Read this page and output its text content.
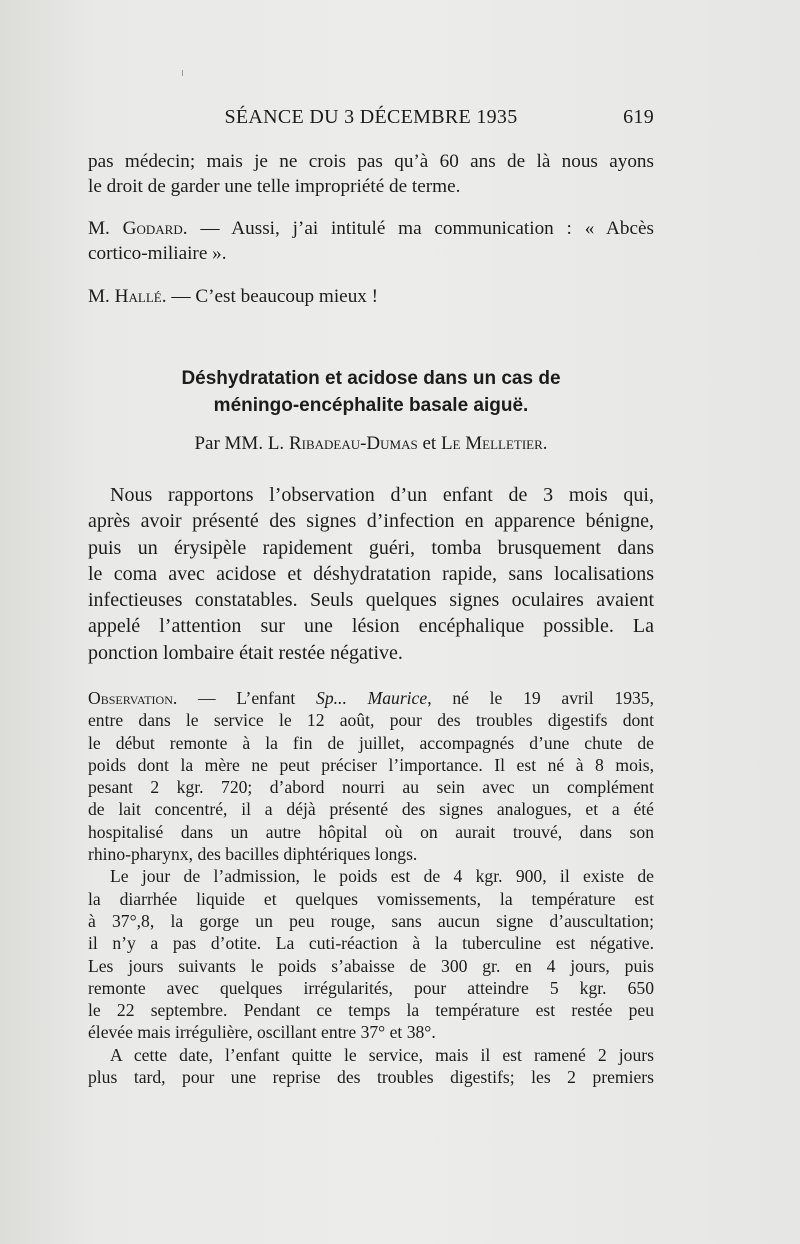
SÉANCE DU 3 DÉCEMBRE 1935	619
pas médecin; mais je ne crois pas qu’à 60 ans de là nous ayons
le droit de garder une telle impropriété de terme.
M. Godard. — Aussi, j’ai intitulé ma communication : « Abcès
cortico-miliaire ».
M. Hallé. — C’est beaucoup mieux !
Déshydratation et acidose dans un cas de
méningo-encéphalite basale aiguë.
Par MM. L. Ribadeau-Dumas et Le Melletier.
Nous rapportons l’observation d’un enfant de 3 mois qui,
après avoir présenté des signes d’infection en apparence bénigne,
puis un érysipèle rapidement guéri, tomba brusquement dans
le coma avec acidose et déshydratation rapide, sans localisations
infectieuses constatables. Seuls quelques signes oculaires avaient
appelé l’attention sur une lésion encéphalique possible. La
ponction lombaire était restée négative.
Observation. — L’enfant Sp... Maurice, né le 19 avril 1935,
entre dans le service le 12 août, pour des troubles digestifs dont
le début remonte à la fin de juillet, accompagnés d’une chute de
poids dont la mère ne peut préciser l’importance. Il est né à 8 mois,
pesant 2 kgr. 720; d’abord nourri au sein avec un complément
de lait concentré, il a déjà présenté des signes analogues, et a été
hospitalisé dans un autre hôpital où on aurait trouvé, dans son
rhino-pharynx, des bacilles diphtériques longs.
Le jour de l’admission, le poids est de 4 kgr. 900, il existe de
la diarrhée liquide et quelques vomissements, la température est
à 37°,8, la gorge un peu rouge, sans aucun signe d’auscultation;
il n’y a pas d’otite. La cuti-réaction à la tuberculine est négative.
Les jours suivants le poids s’abaisse de 300 gr. en 4 jours, puis
remonte avec quelques irrégularités, pour atteindre 5 kgr. 650
le 22 septembre. Pendant ce temps la température est restée peu
élevée mais irrégulière, oscillant entre 37° et 38°.
A cette date, l’enfant quitte le service, mais il est ramené 2 jours
plus tard, pour une reprise des troubles digestifs; les 2 premiers
